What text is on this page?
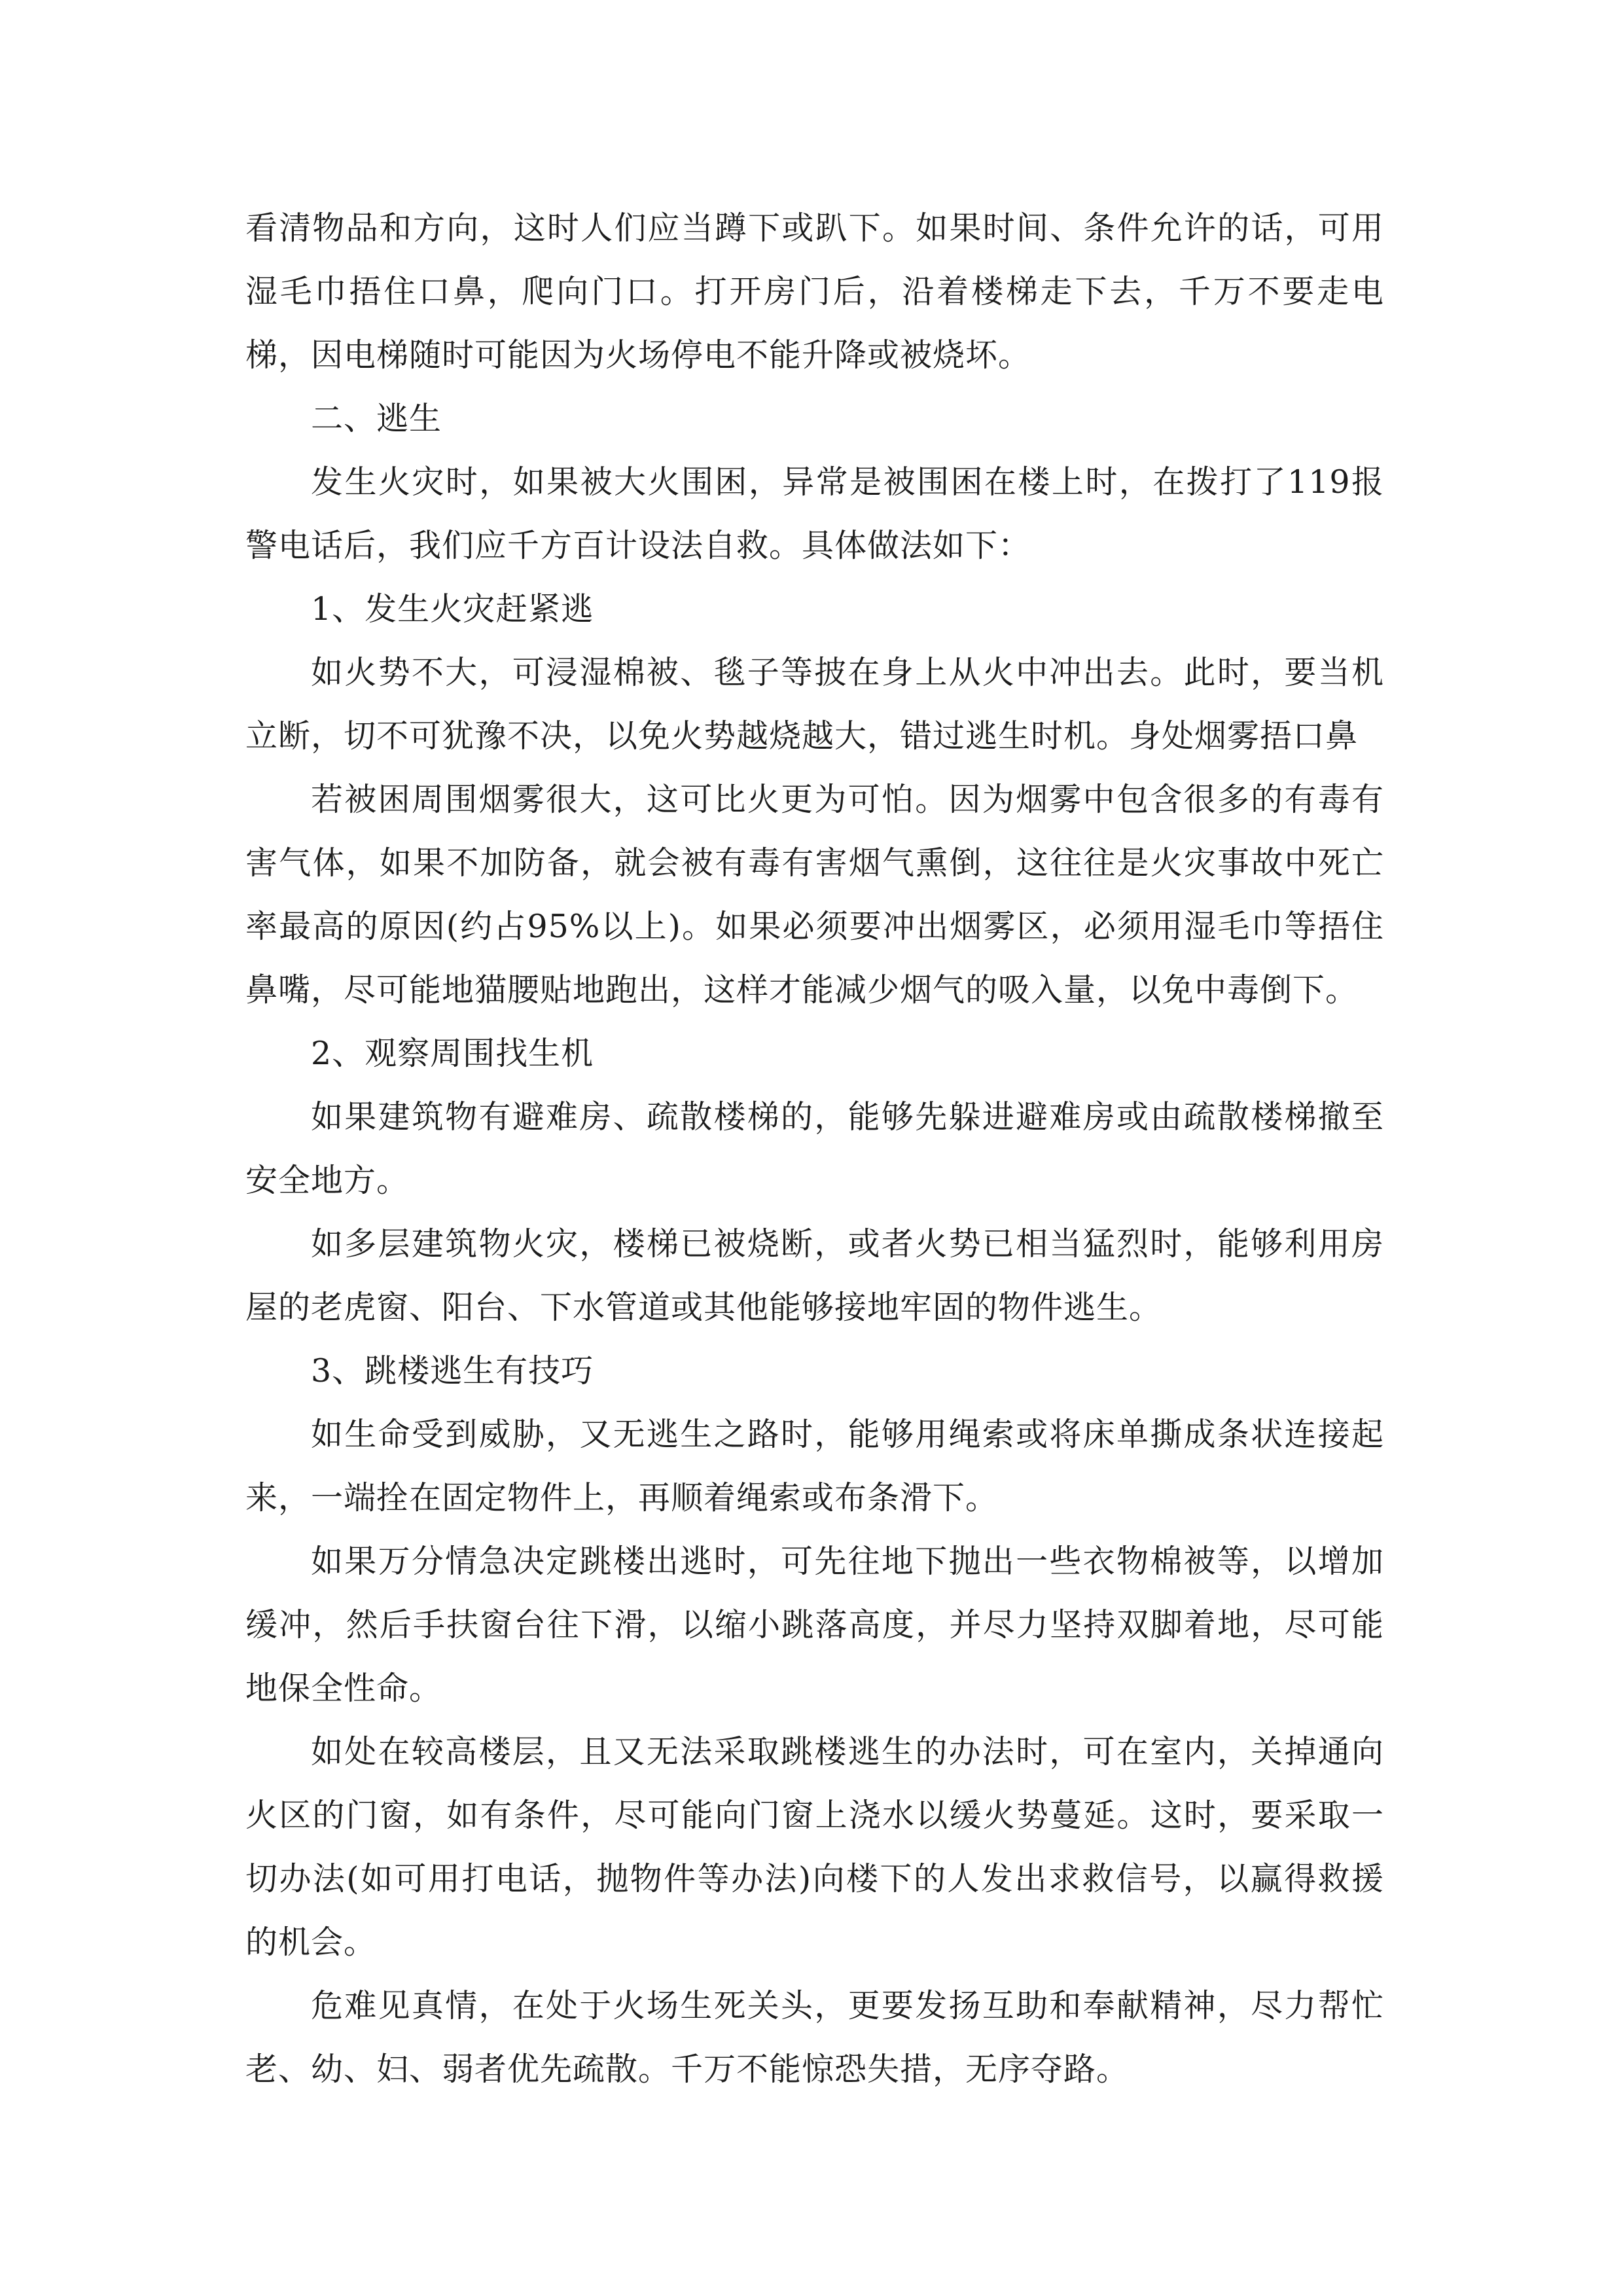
看清物品和方向，这时人们应当蹲下或趴下。如果时间、条件允许的话，可用湿毛巾捂住口鼻，爬向门口。打开房门后，沿着楼梯走下去，千万不要走电梯，因电梯随时可能因为火场停电不能升降或被烧坏。

二、逃生

发生火灾时，如果被大火围困，异常是被围困在楼上时，在拨打了119报警电话后，我们应千方百计设法自救。具体做法如下：

1、发生火灾赶紧逃

如火势不大，可浸湿棉被、毯子等披在身上从火中冲出去。此时，要当机立断，切不可犹豫不决，以免火势越烧越大，错过逃生时机。身处烟雾捂口鼻

若被困周围烟雾很大，这可比火更为可怕。因为烟雾中包含很多的有毒有害气体，如果不加防备，就会被有毒有害烟气熏倒，这往往是火灾事故中死亡率最高的原因(约占95%以上)。如果必须要冲出烟雾区，必须用湿毛巾等捂住鼻嘴，尽可能地猫腰贴地跑出，这样才能减少烟气的吸入量，以免中毒倒下。

2、观察周围找生机

如果建筑物有避难房、疏散楼梯的，能够先躲进避难房或由疏散楼梯撤至安全地方。

如多层建筑物火灾，楼梯已被烧断，或者火势已相当猛烈时，能够利用房屋的老虎窗、阳台、下水管道或其他能够接地牢固的物件逃生。

3、跳楼逃生有技巧

如生命受到威胁，又无逃生之路时，能够用绳索或将床单撕成条状连接起来，一端拴在固定物件上，再顺着绳索或布条滑下。

如果万分情急决定跳楼出逃时，可先往地下抛出一些衣物棉被等，以增加缓冲，然后手扶窗台往下滑，以缩小跳落高度，并尽力坚持双脚着地，尽可能地保全性命。

如处在较高楼层，且又无法采取跳楼逃生的办法时，可在室内，关掉通向火区的门窗，如有条件，尽可能向门窗上浇水以缓火势蔓延。这时，要采取一切办法(如可用打电话，抛物件等办法)向楼下的人发出求救信号，以赢得救援的机会。

危难见真情，在处于火场生死关头，更要发扬互助和奉献精神，尽力帮忙老、幼、妇、弱者优先疏散。千万不能惊恐失措，无序夺路。
